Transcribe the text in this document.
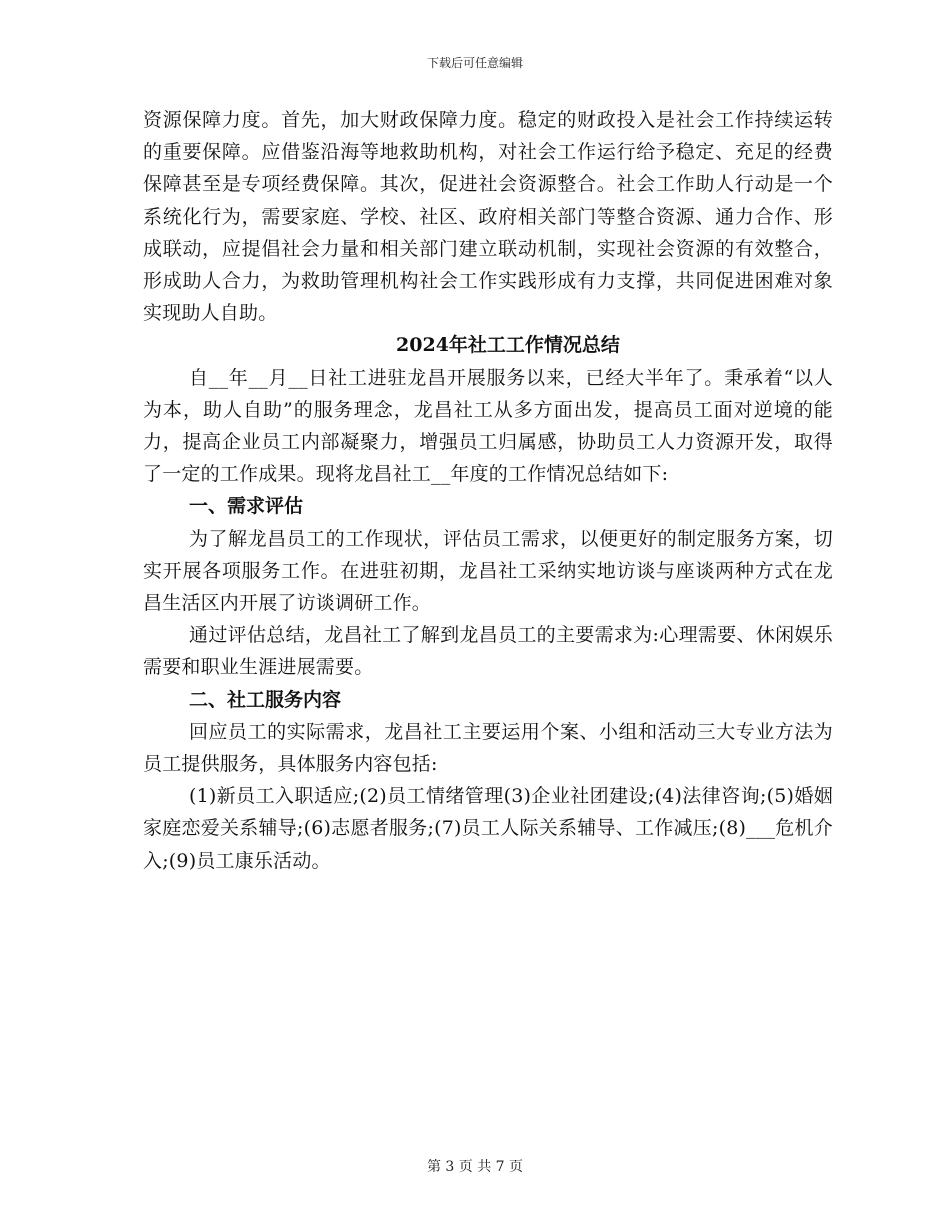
下载后可任意编辑

资源保障力度。首先，加大财政保障力度。稳定的财政投入是社会工作持续运转的重要保障。应借鉴沿海等地救助机构，对社会工作运行给予稳定、充足的经费保障甚至是专项经费保障。其次，促进社会资源整合。社会工作助人行动是一个系统化行为，需要家庭、学校、社区、政府相关部门等整合资源、通力合作、形成联动，应提倡社会力量和相关部门建立联动机制，实现社会资源的有效整合，形成助人合力，为救助管理机构社会工作实践形成有力支撑，共同促进困难对象实现助人自助。

2024年社工工作情况总结

自__年__月__日社工进驻龙昌开展服务以来，已经大半年了。秉承着“以人为本，助人自助”的服务理念，龙昌社工从多方面出发，提高员工面对逆境的能力，提高企业员工内部凝聚力，增强员工归属感，协助员工人力资源开发，取得了一定的工作成果。现将龙昌社工__年度的工作情况总结如下:

一、需求评估

为了解龙昌员工的工作现状，评估员工需求，以便更好的制定服务方案，切实开展各项服务工作。在进驻初期，龙昌社工采纳实地访谈与座谈两种方式在龙昌生活区内开展了访谈调研工作。

通过评估总结，龙昌社工了解到龙昌员工的主要需求为:心理需要、休闲娱乐需要和职业生涯进展需要。

二、社工服务内容

回应员工的实际需求，龙昌社工主要运用个案、小组和活动三大专业方法为员工提供服务，具体服务内容包括:

(1)新员工入职适应;(2)员工情绪管理(3)企业社团建设;(4)法律咨询;(5)婚姻家庭恋爱关系辅导;(6)志愿者服务;(7)员工人际关系辅导、工作减压;(8)___危机介入;(9)员工康乐活动。

第 3 页 共 7 页
